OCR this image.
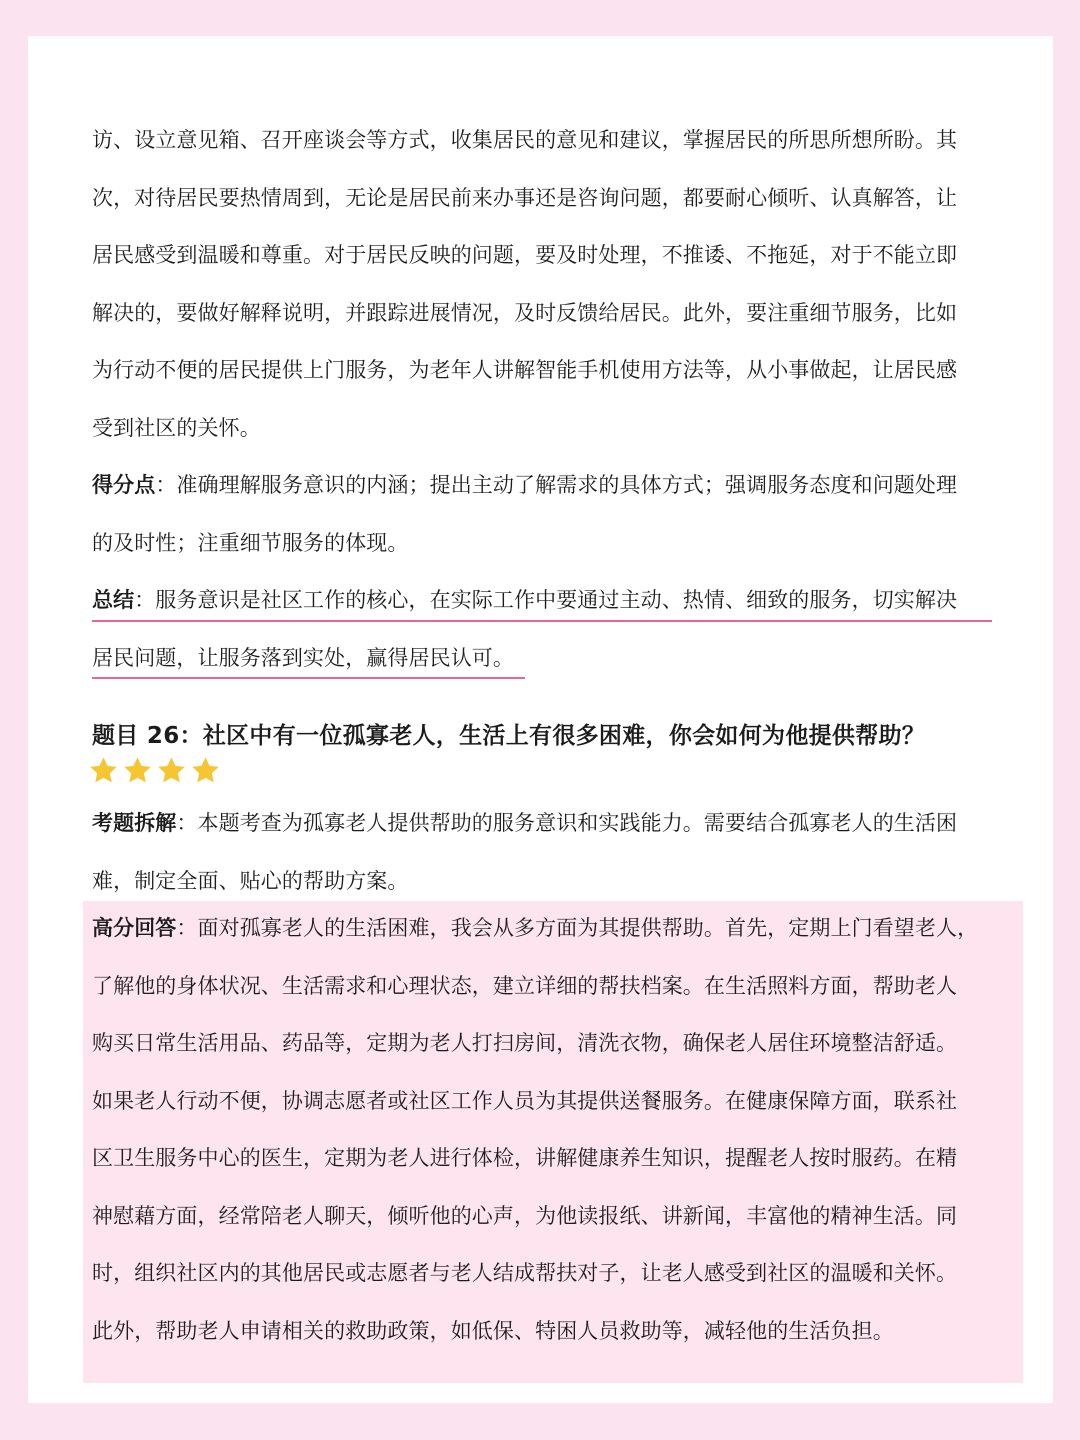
高分回答：面对孤寡老人的生活困难，我会从多方面为其提供帮助。首先，定期上门看望老人，

了解他的身体状况、生活需求和心理状态，建立详细的帮扶档案。在生活照料方面，帮助老人

购买日常生活用品、药品等，定期为老人打扫房间，清洗衣物，确保老人居住环境整洁舒适。

如果老人行动不便，协调志愿者或社区工作人员为其提供送餐服务。在健康保障方面，联系社

区卫生服务中心的医生，定期为老人进行体检，讲解健康养生知识，提醒老人按时服药。在精

神慰藉方面，经常陪老人聊天，倾听他的心声，为他读报纸、讲新闻，丰富他的精神生活。同

时，组织社区内的其他居民或志愿者与老人结成帮扶对子，让老人感受到社区的温暖和关怀。

此外，帮助老人申请相关的救助政策，如低保、特困人员救助等，减轻他的生活负担。

访、设立意见箱、召开座谈会等方式，收集居民的意见和建议，掌握居民的所思所想所盼。其

次，对待居民要热情周到，无论是居民前来办事还是咨询问题，都要耐心倾听、认真解答，让

居民感受到温暖和尊重。对于居民反映的问题，要及时处理，不推诿、不拖延，对于不能立即

解决的，要做好解释说明，并跟踪进展情况，及时反馈给居民。此外，要注重细节服务，比如

为行动不便的居民提供上门服务，为老年人讲解智能手机使用方法等，从小事做起，让居民感

受到社区的关怀。

得分点：准确理解服务意识的内涵；提出主动了解需求的具体方式；强调服务态度和问题处理

的及时性；注重细节服务的体现。

总结：服务意识是社区工作的核心，在实际工作中要通过主动、热情、细致的服务，切实解决

居民问题，让服务落到实处，赢得居民认可。

题目 26：社区中有一位孤寡老人，生活上有很多困难，你会如何为他提供帮助？

考题拆解：本题考查为孤寡老人提供帮助的服务意识和实践能力。需要结合孤寡老人的生活困

难，制定全面、贴心的帮助方案。
